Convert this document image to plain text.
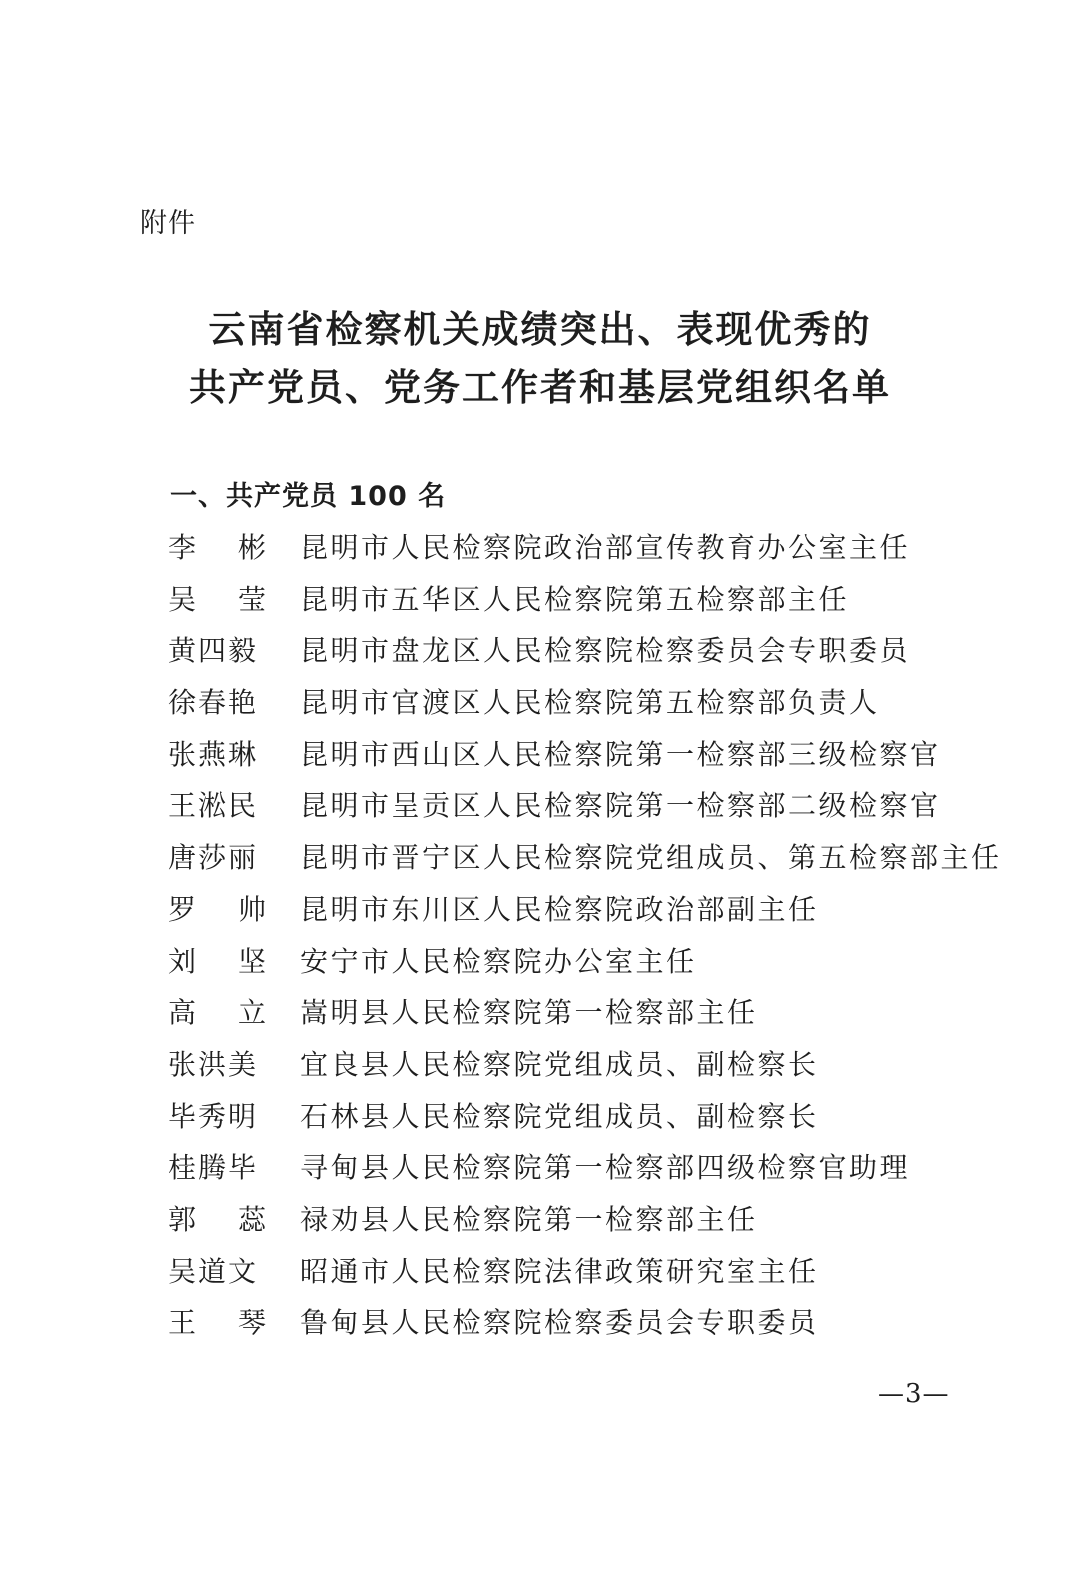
附件
云南省检察机关成绩突出、表现优秀的
共产党员、党务工作者和基层党组织名单
一、共产党员 100 名
李彬 昆明市人民检察院政治部宣传教育办公室主任
吴莹 昆明市五华区人民检察院第五检察部主任
黄四毅	昆明市盘龙区人民检察院检察委员会专职委员
徐春艳	昆明市官渡区人民检察院第五检察部负责人
张燕琳	昆明市西山区人民检察院第一检察部三级检察官
王淞民	昆明市呈贡区人民检察院第一检察部二级检察官
唐莎丽	昆明市晋宁区人民检察院党组成员、第五检察部主任
罗帅 昆明市东川区人民检察院政治部副主任
刘坚 安宁市人民检察院办公室主任
高立 嵩明县人民检察院第一检察部主任
张洪美	宜良县人民检察院党组成员、副检察长
毕秀明	石林县人民检察院党组成员、副检察长
桂腾毕	寻甸县人民检察院第一检察部四级检察官助理
郭蕊 禄劝县人民检察院第一检察部主任
吴道文	昭通市人民检察院法律政策研究室主任
王琴 鲁甸县人民检察院检察委员会专职委员
—3—
